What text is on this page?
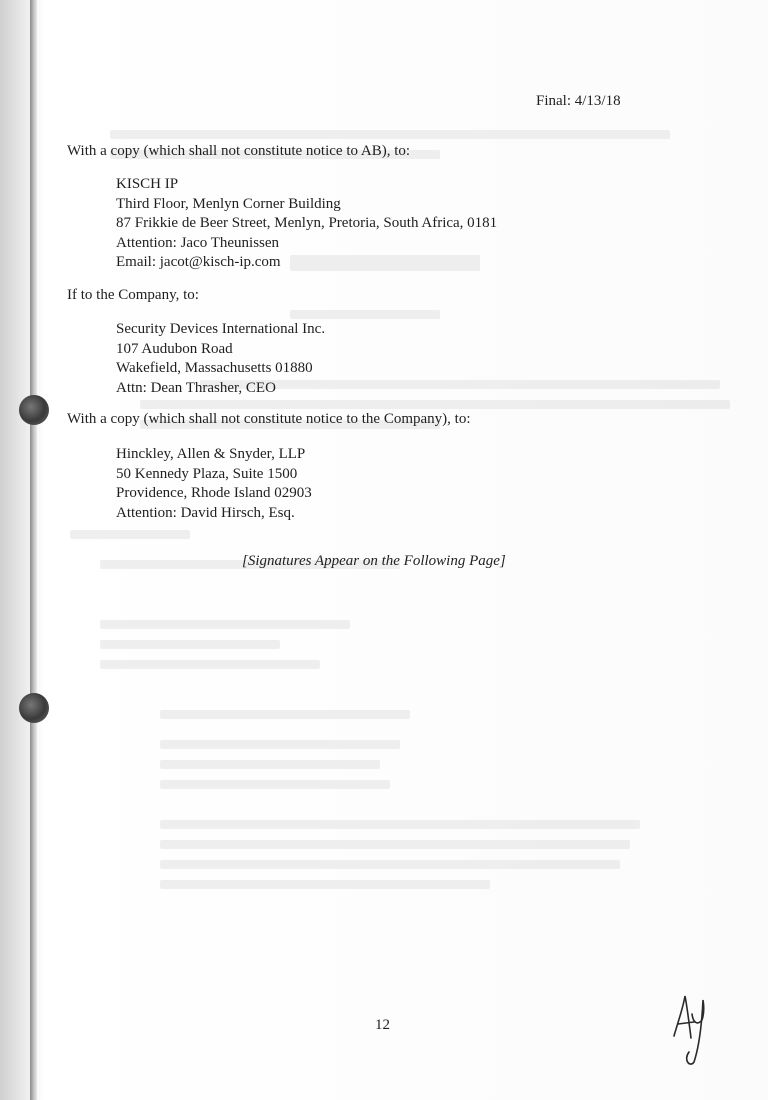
Final: 4/13/18
With a copy (which shall not constitute notice to AB), to:
KISCH IP
Third Floor, Menlyn Corner Building
87 Frikkie de Beer Street, Menlyn, Pretoria, South Africa, 0181
Attention: Jaco Theunissen
Email: jacot@kisch-ip.com
If to the Company, to:
Security Devices International Inc.
107 Audubon Road
Wakefield, Massachusetts 01880
Attn: Dean Thrasher, CEO
With a copy (which shall not constitute notice to the Company), to:
Hinckley, Allen & Snyder, LLP
50 Kennedy Plaza, Suite 1500
Providence, Rhode Island 02903
Attention: David Hirsch, Esq.
[Signatures Appear on the Following Page]
12
